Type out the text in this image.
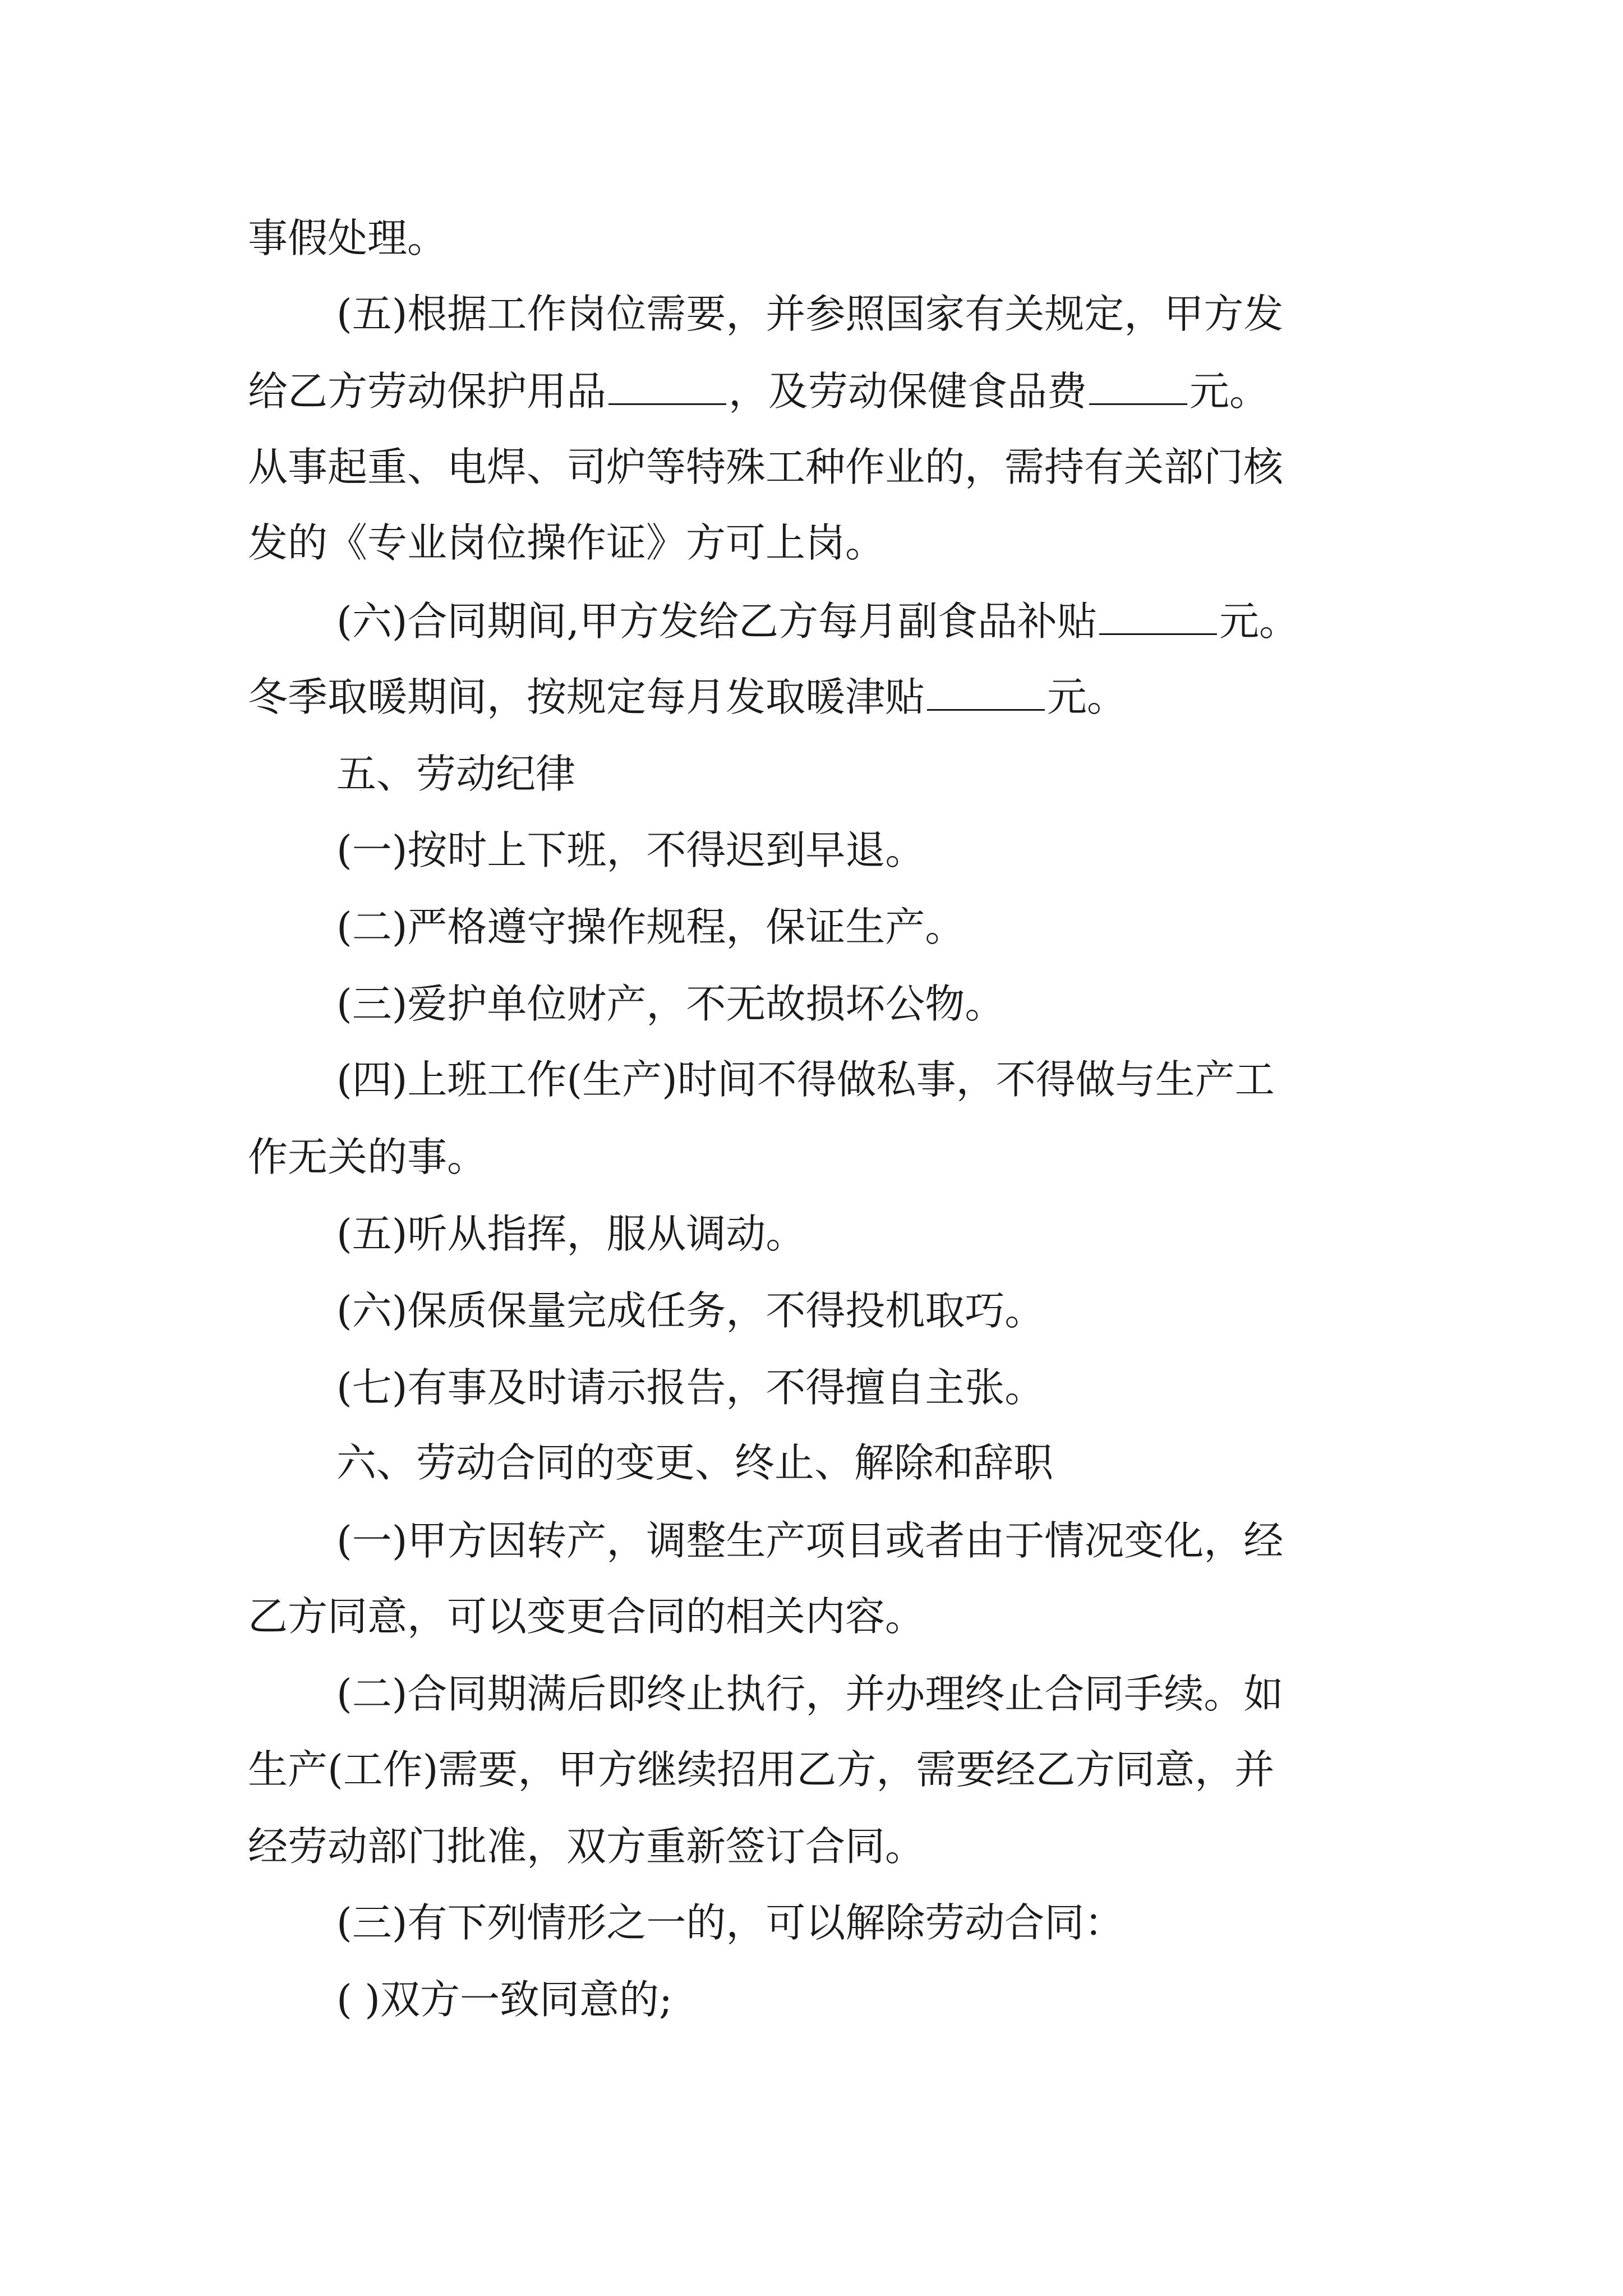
事假处理。
(五)根据工作岗位需要，并参照国家有关规定，甲方发
给乙方劳动保护用品	，及劳动保健食品费	元。
从事起重、电焊、司炉等特殊工种作业的，需持有关部门核
发的《专业岗位操作证》方可上岗。
(六)合同期间,甲方发给乙方每月副食品补贴	元。
冬季取暖期间，按规定每月发取暖津贴	元。
五、劳动纪律
(一)按时上下班，不得迟到早退。
(二)严格遵守操作规程，保证生产。
(三)爱护单位财产，不无故损坏公物。
(四)上班工作(生产)时间不得做私事，不得做与生产工
作无关的事。
(五)听从指挥，服从调动。
(六)保质保量完成任务，不得投机取巧。
(七)有事及时请示报告，不得擅自主张。
六、劳动合同的变更、终止、解除和辞职
(一)甲方因转产，调整生产项目或者由于情况变化，经
乙方同意，可以变更合同的相关内容。
(二)合同期满后即终止执行，并办理终止合同手续。如
生产(工作)需要，甲方继续招用乙方，需要经乙方同意，并
经劳动部门批准，双方重新签订合同。
(三)有下列情形之一的，可以解除劳动合同：
( )双方一致同意的;
